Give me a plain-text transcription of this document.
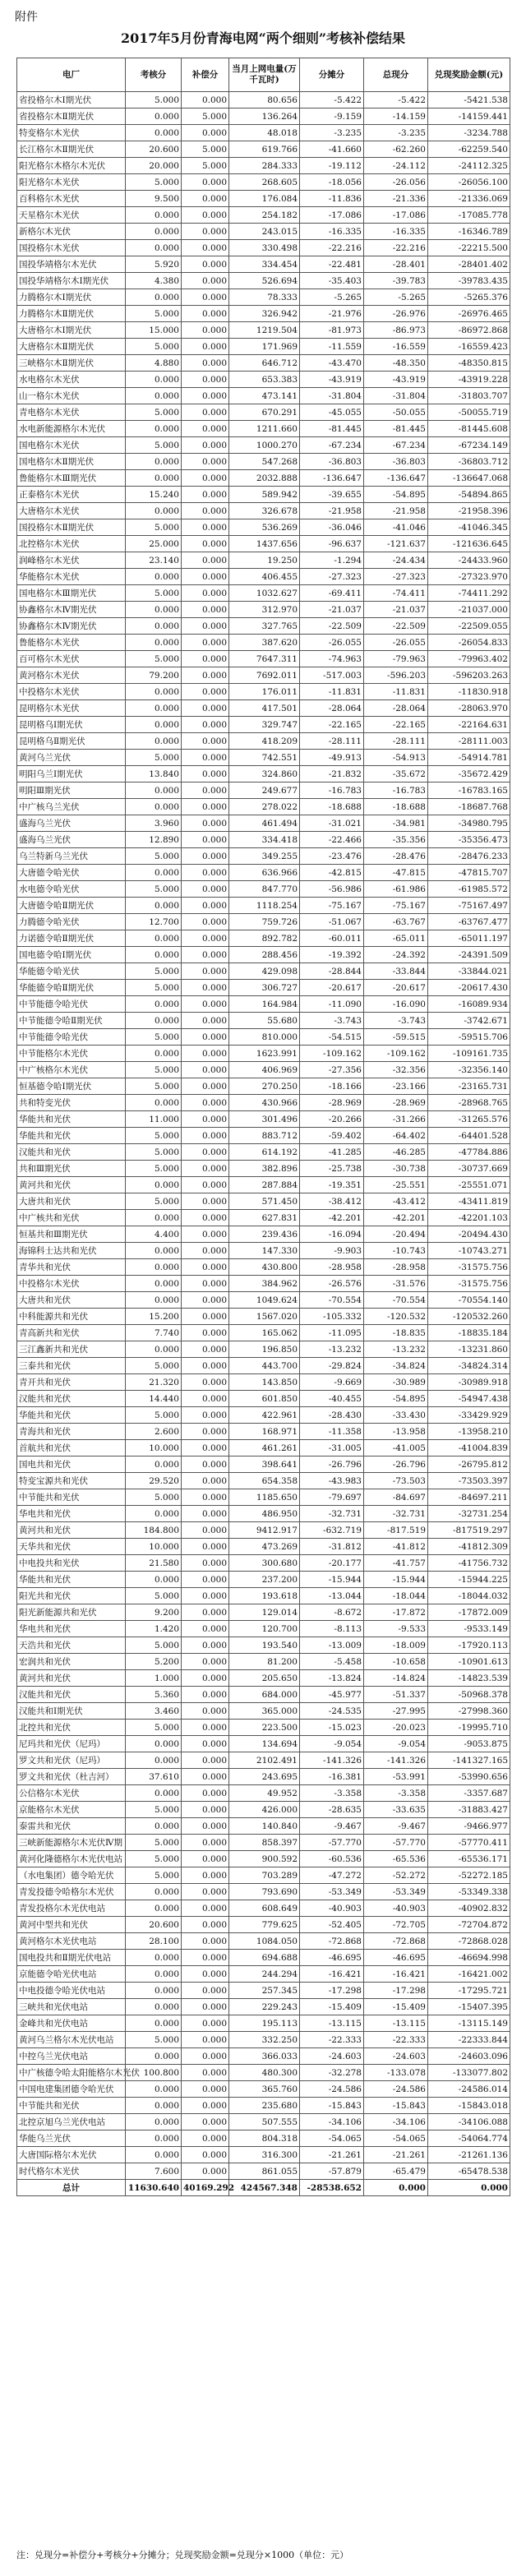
附件
2017年5月份青海电网“两个细则”考核补偿结果
电厂	考核分	补偿分	当月上网电量(万千瓦时)	分摊分	总现分	兑现奖励金额(元)
省投格尔木Ⅰ期光伏	5.000	0.000	80.656	-5.422	-5.422	-5421.538
省投格尔木Ⅱ期光伏	0.000	5.000	136.264	-9.159	-14.159	-14159.441
特变格尔木光伏	0.000	0.000	48.018	-3.235	-3.235	-3234.788
长江格尔木Ⅱ期光伏	20.600	5.000	619.766	-41.660	-62.260	-62259.540
阳光格尔木格尔木光伏	20.000	5.000	284.333	-19.112	-24.112	-24112.325
阳光格尔木光伏	5.000	0.000	268.605	-18.056	-26.056	-26056.100
百科格尔木光伏	9.500	0.000	176.084	-11.836	-21.336	-21336.069
天星格尔木光伏	0.000	0.000	254.182	-17.086	-17.086	-17085.778
新格尔木光伏	0.000	0.000	243.015	-16.335	-16.335	-16346.789
国投格尔木光伏	0.000	0.000	330.498	-22.216	-22.216	-22215.500
国投华靖格尔木光伏	5.920	0.000	334.454	-22.481	-28.401	-28401.402
国投华靖格尔木Ⅰ期光伏	4.380	0.000	526.694	-35.403	-39.783	-39783.435
力腾格尔木Ⅰ期光伏	0.000	0.000	78.333	-5.265	-5.265	-5265.376
力腾格尔木Ⅱ期光伏	5.000	0.000	326.942	-21.976	-26.976	-26976.465
大唐格尔木Ⅰ期光伏	15.000	0.000	1219.504	-81.973	-86.973	-86972.868
大唐格尔木Ⅱ期光伏	5.000	0.000	171.969	-11.559	-16.559	-16559.423
三峡格尔木Ⅱ期光伏	4.880	0.000	646.712	-43.470	-48.350	-48350.815
水电格尔木光伏	0.000	0.000	653.383	-43.919	-43.919	-43919.228
山一格尔木光伏	0.000	0.000	473.141	-31.804	-31.804	-31803.707
青电格尔木光伏	5.000	0.000	670.291	-45.055	-50.055	-50055.719
水电新能源格尔木光伏	0.000	0.000	1211.660	-81.445	-81.445	-81445.608
国电格尔木光伏	5.000	0.000	1000.270	-67.234	-67.234	-67234.149
国电格尔木Ⅱ期光伏	0.000	0.000	547.268	-36.803	-36.803	-36803.712
鲁能格尔木Ⅲ期光伏	0.000	0.000	2032.888	-136.647	-136.647	-136647.068
正泰格尔木光伏	15.240	0.000	589.942	-39.655	-54.895	-54894.865
大唐格尔木光伏	0.000	0.000	326.678	-21.958	-21.958	-21958.396
国投格尔木Ⅱ期光伏	5.000	0.000	536.269	-36.046	-41.046	-41046.345
北控格尔木光伏	25.000	0.000	1437.656	-96.637	-121.637	-121636.645
润峰格尔木光伏	23.140	0.000	19.250	-1.294	-24.434	-24433.960
华能格尔木光伏	0.000	0.000	406.455	-27.323	-27.323	-27323.970
国电格尔木Ⅲ期光伏	5.000	0.000	1032.627	-69.411	-74.411	-74411.292
协鑫格尔木Ⅳ期光伏	0.000	0.000	312.970	-21.037	-21.037	-21037.000
协鑫格尔木Ⅳ期光伏	0.000	0.000	327.765	-22.509	-22.509	-22509.055
鲁能格尔木光伏	0.000	0.000	387.620	-26.055	-26.055	-26054.833
百可格尔木光伏	5.000	0.000	7647.311	-74.963	-79.963	-79963.402
黄河格尔木光伏	79.200	0.000	7692.011	-517.003	-596.203	-596203.263
中投格尔木光伏	0.000	0.000	176.011	-11.831	-11.831	-11830.918
昆明格尔木光伏	0.000	0.000	417.501	-28.064	-28.064	-28063.970
昆明格乌Ⅰ期光伏	0.000	0.000	329.747	-22.165	-22.165	-22164.631
昆明格乌Ⅱ期光伏	0.000	0.000	418.209	-28.111	-28.111	-28111.003
黄河乌兰光伏	5.000	0.000	742.551	-49.913	-54.913	-54914.781
明阳乌兰Ⅰ期光伏	13.840	0.000	324.860	-21.832	-35.672	-35672.429
明阳Ⅲ期光伏	0.000	0.000	249.677	-16.783	-16.783	-16783.165
中广核乌兰光伏	0.000	0.000	278.022	-18.688	-18.688	-18687.768
盛海乌兰光伏	3.960	0.000	461.494	-31.021	-34.981	-34980.795
盛海乌兰光伏	12.890	0.000	334.418	-22.466	-35.356	-35356.473
乌兰特新乌兰光伏	5.000	0.000	349.255	-23.476	-28.476	-28476.233
大唐德令哈光伏	0.000	0.000	636.966	-42.815	-47.815	-47815.707
水电德令哈光伏	5.000	0.000	847.770	-56.986	-61.986	-61985.572
大唐德令哈Ⅱ期光伏	0.000	0.000	1118.254	-75.167	-75.167	-75167.497
力腾德令哈光伏	12.700	0.000	759.726	-51.067	-63.767	-63767.477
力诺德令哈Ⅱ期光伏	0.000	0.000	892.782	-60.011	-65.011	-65011.197
国电德令哈Ⅰ期光伏	0.000	0.000	288.456	-19.392	-24.392	-24391.509
华能德令哈光伏	5.000	0.000	429.098	-28.844	-33.844	-33844.021
华能德令哈Ⅱ期光伏	5.000	0.000	306.727	-20.617	-20.617	-20617.430
中节能德令哈光伏	0.000	0.000	164.984	-11.090	-16.090	-16089.934
中节能德令哈Ⅱ期光伏	0.000	0.000	55.680	-3.743	-3.743	-3742.671
中节能德令哈光伏	5.000	0.000	810.000	-54.515	-59.515	-59515.706
中节能格尔木光伏	0.000	0.000	1623.991	-109.162	-109.162	-109161.735
中广核格尔木光伏	5.000	0.000	406.969	-27.356	-32.356	-32356.140
恒基德令哈Ⅰ期光伏	5.000	0.000	270.250	-18.166	-23.166	-23165.731
共和特变光伏	0.000	0.000	430.966	-28.969	-28.969	-28968.765
华能共和光伏	11.000	0.000	301.496	-20.266	-31.266	-31265.576
华能共和光伏	5.000	0.000	883.712	-59.402	-64.402	-64401.528
汉能共和光伏	5.000	0.000	614.192	-41.285	-46.285	-47784.886
共和Ⅲ期光伏	5.000	0.000	382.896	-25.738	-30.738	-30737.669
黄河共和光伏	0.000	0.000	287.884	-19.351	-25.551	-25551.071
大唐共和光伏	5.000	0.000	571.450	-38.412	-43.412	-43411.819
中广核共和光伏	0.000	0.000	627.831	-42.201	-42.201	-42201.103
恒基共和Ⅲ期光伏	4.400	0.000	239.436	-16.094	-20.494	-20494.430
海锦科士达共和光伏	0.000	0.000	147.330	-9.903	-10.743	-10743.271
青华共和光伏	0.000	0.000	430.800	-28.958	-28.958	-31575.756
中投格尔木光伏	0.000	0.000	384.962	-26.576	-31.576	-31575.756
大唐共和光伏	0.000	0.000	1049.624	-70.554	-70.554	-70554.140
中科能源共和光伏	15.200	0.000	1567.020	-105.332	-120.532	-120532.260
青高新共和光伏	7.740	0.000	165.062	-11.095	-18.835	-18835.184
三江鑫新共和光伏	0.000	0.000	196.850	-13.232	-13.232	-13231.860
三泰共和光伏	5.000	0.000	443.700	-29.824	-34.824	-34824.314
青开共和光伏	21.320	0.000	143.850	-9.669	-30.989	-30989.918
汉能共和光伏	14.440	0.000	601.850	-40.455	-54.895	-54947.438
华能共和光伏	5.000	0.000	422.961	-28.430	-33.430	-33429.929
青海共和光伏	2.600	0.000	168.971	-11.358	-13.958	-13958.210
首航共和光伏	10.000	0.000	461.261	-31.005	-41.005	-41004.839
国电共和光伏	0.000	0.000	398.641	-26.796	-26.796	-26795.812
特变宝源共和光伏	29.520	0.000	654.358	-43.983	-73.503	-73503.397
中节能共和光伏	5.000	0.000	1185.650	-79.697	-84.697	-84697.211
华电共和光伏	0.000	0.000	486.950	-32.731	-32.731	-32731.254
黄河共和光伏	184.800	0.000	9412.917	-632.719	-817.519	-817519.297
天华共和光伏	10.000	0.000	473.269	-31.812	-41.812	-41812.309
中电投共和光伏	21.580	0.000	300.680	-20.177	-41.757	-41756.732
华能共和光伏	0.000	0.000	237.200	-15.944	-15.944	-15944.225
阳光共和光伏	5.000	0.000	193.618	-13.044	-18.044	-18044.032
阳光新能源共和光伏	9.200	0.000	129.014	-8.672	-17.872	-17872.009
华电共和光伏	1.420	0.000	120.700	-8.113	-9.533	-9533.149
天浩共和光伏	5.000	0.000	193.540	-13.009	-18.009	-17920.113
宏润共和光伏	5.200	0.000	81.200	-5.458	-10.658	-10901.613
黄河共和光伏	1.000	0.000	205.650	-13.824	-14.824	-14823.539
汉能共和光伏	5.360	0.000	684.000	-45.977	-51.337	-50968.378
汉能共和Ⅰ期光伏	3.460	0.000	365.000	-24.535	-27.995	-27998.360
北控共和光伏	5.000	0.000	223.500	-15.023	-20.023	-19995.710
尼玛共和光伏（尼玛）	0.000	0.000	134.694	-9.054	-9.054	-9053.875
罗文共和光伏（尼玛）	0.000	0.000	2102.491	-141.326	-141.326	-141327.165
罗文共和光伏（杜吉河）	37.610	0.000	243.695	-16.381	-53.991	-53990.656
公信格尔木光伏	0.000	0.000	49.952	-3.358	-3.358	-3357.687
京能格尔木光伏	5.000	0.000	426.000	-28.635	-33.635	-31883.427
泰雷共和光伏	0.000	0.000	140.840	-9.467	-9.467	-9466.977
三峡新能源格尔木光伏Ⅳ期	5.000	0.000	858.397	-57.770	-57.770	-57770.411
黄河化隆德格尔木光伏电站	5.000	0.000	900.592	-60.536	-65.536	-65536.171
（水电集团）德令哈光伏	5.000	0.000	703.289	-47.272	-52.272	-52272.185
青发投德令哈格尔木光伏	0.000	0.000	793.690	-53.349	-53.349	-53349.338
青发投格尔木光伏电站	0.000	0.000	608.649	-40.903	-40.903	-40902.832
黄河中型共和光伏	20.600	0.000	779.625	-52.405	-72.705	-72704.872
黄河格尔木光伏电站	28.100	0.000	1084.050	-72.868	-72.868	-72868.028
国电投共和Ⅱ期光伏电站	0.000	0.000	694.688	-46.695	-46.695	-46694.998
京能德令哈光伏电站	0.000	0.000	244.294	-16.421	-16.421	-16421.002
中电投德令哈光伏电站	0.000	0.000	257.345	-17.298	-17.298	-17295.721
三峡共和光伏电站	0.000	0.000	229.243	-15.409	-15.409	-15407.395
金峰共和光伏电站	0.000	0.000	195.113	-13.115	-13.115	-13115.149
黄河乌兰格尔木光伏电站	5.000	0.000	332.250	-22.333	-22.333	-22333.844
中控乌兰光伏电站	0.000	0.000	366.033	-24.603	-24.603	-24603.096
中广核德令哈太阳能格尔木光伏	100.800	0.000	480.300	-32.278	-133.078	-133077.802
中国电建集团德令哈光伏	0.000	0.000	365.760	-24.586	-24.586	-24586.014
中节能共和光伏	0.000	0.000	235.680	-15.843	-15.843	-15843.018
北控京旭乌兰光伏电站	0.000	0.000	507.555	-34.106	-34.106	-34106.088
华能乌兰光伏	0.000	0.000	804.318	-54.065	-54.065	-54064.774
大唐国际格尔木光伏	0.000	0.000	316.300	-21.261	-21.261	-21261.136
时代格尔木光伏	7.600	0.000	861.055	-57.879	-65.479	-65478.538
总计	11630.640	40169.292	424567.348	-28538.652	0.000	0.000
注：兑现分=补偿分+考核分+分摊分；兑现奖励金额=兑现分×1000（单位：元）
